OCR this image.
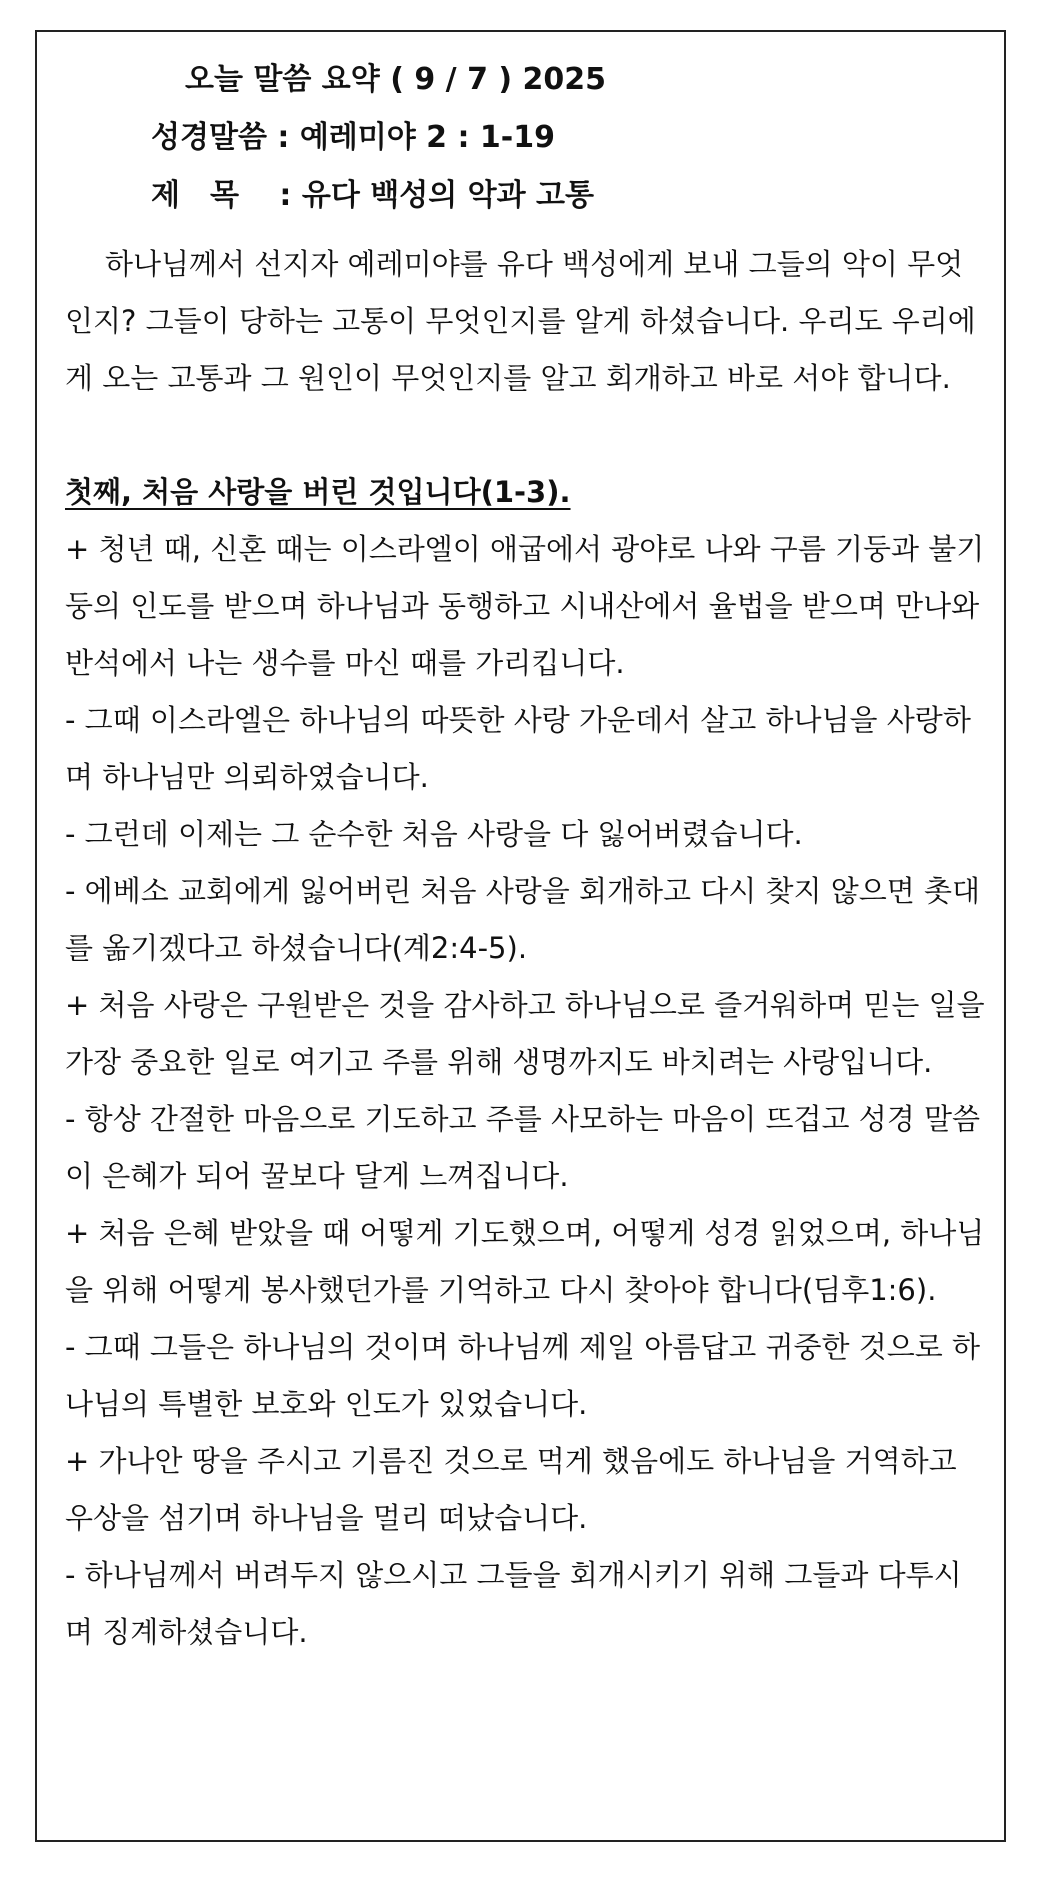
오늘 말씀 요약 ( 9 / 7 ) 2025
성경말씀 : 예레미야 2 : 1-19
제목 : 유다 백성의 악과 고통

하나님께서 선지자 예레미야를 유다 백성에게 보내 그들의 악이 무엇인지? 그들이 당하는 고통이 무엇인지를 알게 하셨습니다. 우리도 우리에게 오는 고통과 그 원인이 무엇인지를 알고 회개하고 바로 서야 합니다.

첫째, 처음 사랑을 버린 것입니다(1-3).

+ 청년 때, 신혼 때는 이스라엘이 애굽에서 광야로 나와 구름 기둥과 불기둥의 인도를 받으며 하나님과 동행하고 시내산에서 율법을 받으며 만나와 반석에서 나는 생수를 마신 때를 가리킵니다.

- 그때 이스라엘은 하나님의 따뜻한 사랑 가운데서 살고 하나님을 사랑하며 하나님만 의뢰하였습니다.

- 그런데 이제는 그 순수한 처음 사랑을 다 잃어버렸습니다.

- 에베소 교회에게 잃어버린 처음 사랑을 회개하고 다시 찾지 않으면 촛대를 옮기겠다고 하셨습니다(계2:4-5).

+ 처음 사랑은 구원받은 것을 감사하고 하나님으로 즐거워하며 믿는 일을 가장 중요한 일로 여기고 주를 위해 생명까지도 바치려는 사랑입니다.

- 항상 간절한 마음으로 기도하고 주를 사모하는 마음이 뜨겁고 성경 말씀이 은혜가 되어 꿀보다 달게 느껴집니다.

+ 처음 은혜 받았을 때 어떻게 기도했으며, 어떻게 성경 읽었으며, 하나님을 위해 어떻게 봉사했던가를 기억하고 다시 찾아야 합니다(딤후1:6).

- 그때 그들은 하나님의 것이며 하나님께 제일 아름답고 귀중한 것으로 하나님의 특별한 보호와 인도가 있었습니다.

+ 가나안 땅을 주시고 기름진 것으로 먹게 했음에도 하나님을 거역하고 우상을 섬기며 하나님을 멀리 떠났습니다.

- 하나님께서 버려두지 않으시고 그들을 회개시키기 위해 그들과 다투시며 징계하셨습니다.
